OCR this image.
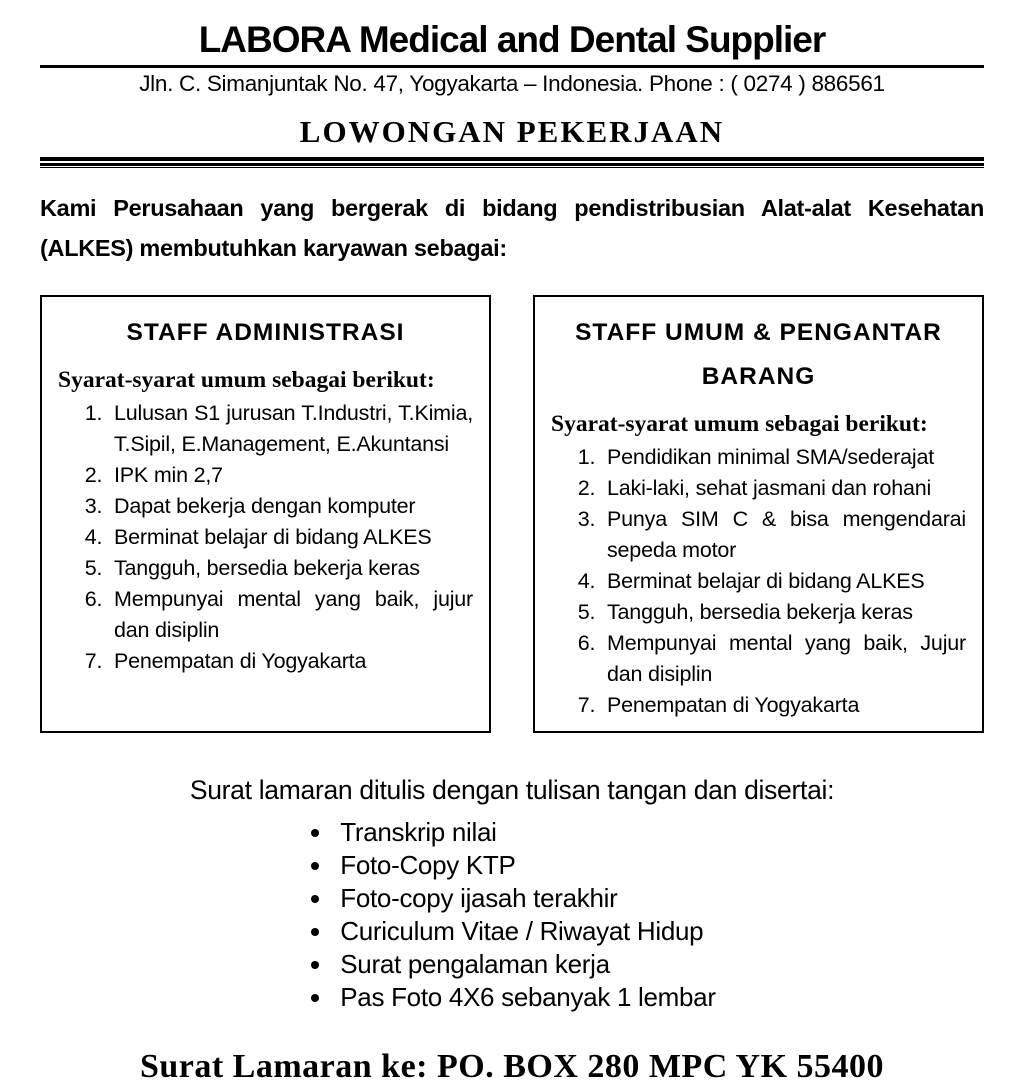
LABORA Medical and Dental Supplier
Jln. C. Simanjuntak No. 47, Yogyakarta – Indonesia. Phone : ( 0274 ) 886561
LOWONGAN PEKERJAAN
Kami Perusahaan yang bergerak di bidang pendistribusian Alat-alat Kesehatan
(ALKES) membutuhkan karyawan sebagai:
STAFF ADMINISTRASI

Syarat-syarat umum sebagai berikut:

1. Lulusan S1 jurusan T.Industri, T.Kimia, T.Sipil, E.Management, E.Akuntansi
2. IPK min 2,7
3. Dapat bekerja dengan komputer
4. Berminat belajar di bidang ALKES
5. Tangguh, bersedia bekerja keras
6. Mempunyai mental yang baik, jujur dan disiplin
7. Penempatan di Yogyakarta
STAFF UMUM & PENGANTAR BARANG

Syarat-syarat umum sebagai berikut:

1. Pendidikan minimal SMA/sederajat
2. Laki-laki, sehat jasmani dan rohani
3. Punya SIM C & bisa mengendarai sepeda motor
4. Berminat belajar di bidang ALKES
5. Tangguh, bersedia bekerja keras
6. Mempunyai mental yang baik, Jujur dan disiplin
7. Penempatan di Yogyakarta
Surat lamaran ditulis dengan tulisan tangan dan disertai:
• Transkrip nilai
• Foto-Copy KTP
• Foto-copy ijasah terakhir
• Curiculum Vitae / Riwayat Hidup
• Surat pengalaman kerja
• Pas Foto 4X6 sebanyak 1 lembar
Surat Lamaran ke: PO. BOX 280 MPC YK 55400
